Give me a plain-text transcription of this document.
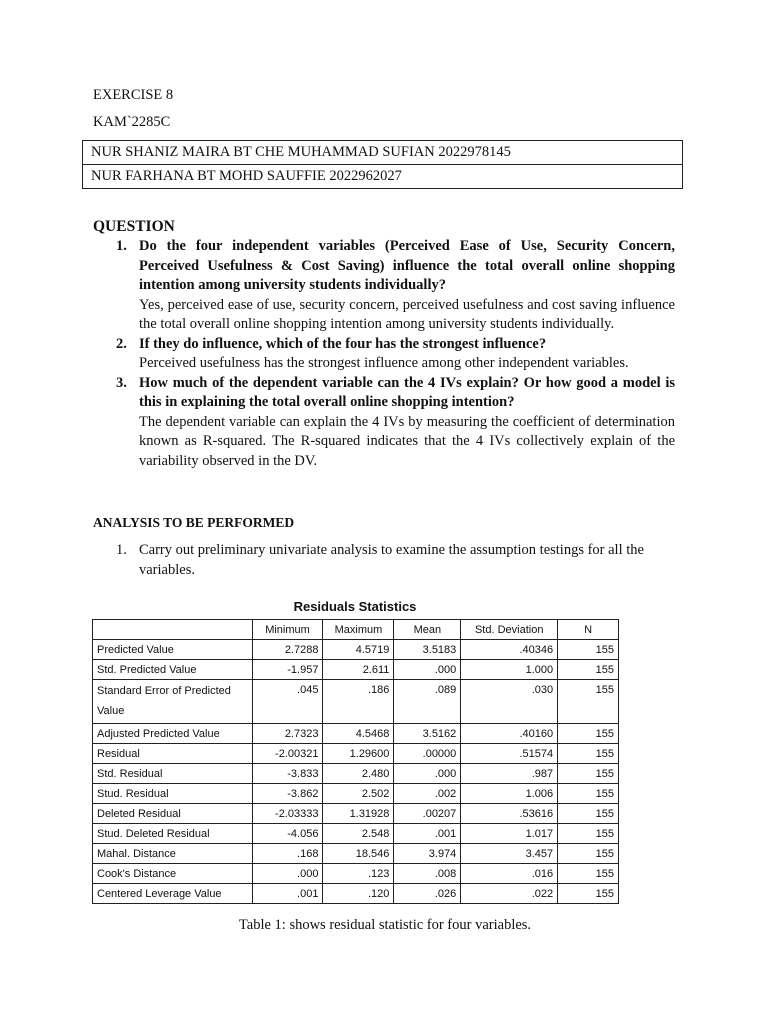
EXERCISE 8
KAM`2285C
NUR SHANIZ MAIRA BT CHE MUHAMMAD SUFIAN 2022978145
NUR FARHANA BT MOHD SAUFFIE 2022962027
QUESTION
1. Do the four independent variables (Perceived Ease of Use, Security Concern, Perceived Usefulness & Cost Saving) influence the total overall online shopping intention among university students individually?
Yes, perceived ease of use, security concern, perceived usefulness and cost saving influence the total overall online shopping intention among university students individually.
2. If they do influence, which of the four has the strongest influence?
Perceived usefulness has the strongest influence among other independent variables.
3. How much of the dependent variable can the 4 IVs explain? Or how good a model is this in explaining the total overall online shopping intention?
The dependent variable can explain the 4 IVs by measuring the coefficient of determination known as R-squared. The R-squared indicates that the 4 IVs collectively explain of the variability observed in the DV.
ANALYSIS TO BE PERFORMED
1. Carry out preliminary univariate analysis to examine the assumption testings for all the variables.
Residuals Statistics
	Minimum	Maximum	Mean	Std. Deviation	N
Predicted Value	2.7288	4.5719	3.5183	.40346	155
Std. Predicted Value	-1.957	2.611	.000	1.000	155
Standard Error of Predicted Value	.045	.186	.089	.030	155
Adjusted Predicted Value	2.7323	4.5468	3.5162	.40160	155
Residual	-2.00321	1.29600	.00000	.51574	155
Std. Residual	-3.833	2.480	.000	.987	155
Stud. Residual	-3.862	2.502	.002	1.006	155
Deleted Residual	-2.03333	1.31928	.00207	.53616	155
Stud. Deleted Residual	-4.056	2.548	.001	1.017	155
Mahal. Distance	.168	18.546	3.974	3.457	155
Cook's Distance	.000	.123	.008	.016	155
Centered Leverage Value	.001	.120	.026	.022	155
Table 1: shows residual statistic for four variables.
